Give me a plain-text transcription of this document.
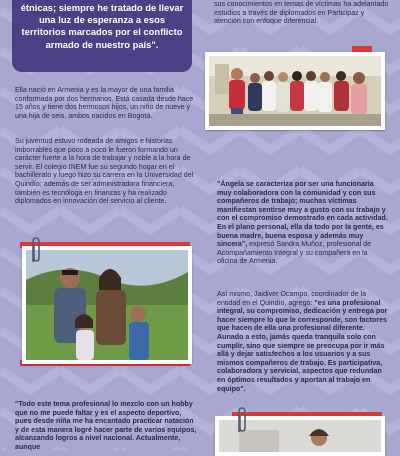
étnicas; siempre he tratado de llevar una luz de esperanza a esos territorios marcados por el conflicto armado de nuestro país".
sus conocimientos en temas de víctimas ha adelantado estudios a través de diplomados en Participaz y atención con enfoque diferencial.
Ella nació en Armenia y es la mayor de una familia conformada por dos hermanos. Está casada desde hace 15 años y tiene dos hermosos hijos, un niño de nueve y una hija de seis, ambos nacidos en Bogotá.
Su juventud estuvo rodeada de amigos e historias imborrables que poco a poco le fueron formando un carácter fuerte a la hora de trabajar y noble a la hora de servir. El colegio INEM fue su segundo hogar en el bachillerato y luego hizo su carrera en la Universidad del Quindío; además de ser administradora financiera, también es tecnóloga en finanzas y ha realizado diplomados en innovación del servicio al cliente.
"Ángela se caracteriza por ser una funcionaria muy colaboradora con la comunidad y con sus compañeros de trabajo; muchas víctimas manifiestan sentirse muy a gusto con su trabajo y con el compromiso demostrado en cada actividad. En el plano personal, ella da todo por la gente, es buena madre, buena esposa y además muy sincera", expresó Sandra Muñoz, profesional de Acompañamiento Integral y su compañera en la oficina de Armenia.
Así mismo, Jaidiver Ocampo, coordinador de la entidad en el Quindío, agregó: "es una profesional integral, su compromiso, dedicación y entrega por hacer siempre lo que le corresponde, son factores que hacen de ella una profesional diferente. Aunado a esto, jamás queda tranquila solo con cumplir, sino que siempre se preocupa por ir más allá y dejar satisfechos a los usuarios y a sus mismos compañeros de trabajo. Es participativa, colaboradora y servicial, aspectos que redundan en óptimos resultados y aportan al trabajo en equipo".
"Todo este tema profesional lo mezclo con un hobby que no me puede faltar y es el aspecto deportivo, pues desde niña me ha encantado practicar natación y de esta manera logré hacer parte de varios equipos, alcanzando logros a nivel nacional. Actualmente, aunque
